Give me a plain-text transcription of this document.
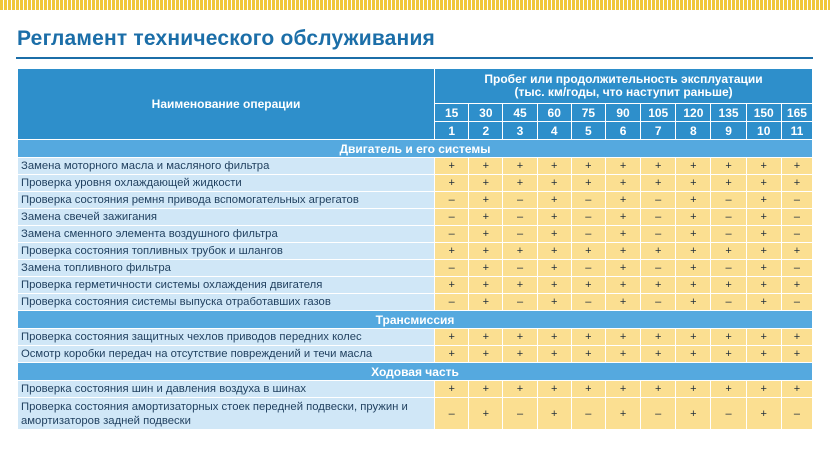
Регламент технического обслуживания
Наименование операции	Пробег или продолжительность эксплуатации
(тыс. км/годы, что наступит раньше)										
	15	30	45	60	75	90	105	120	135	150	165
	1	2	3	4	5	6	7	8	9	10	11
Двигатель и его системы											
Замена моторного масла и масляного фильтра	+	+	+	+	+	+	+	+	+	+	+
Проверка уровня охлаждающей жидкости	+	+	+	+	+	+	+	+	+	+	+
Проверка состояния ремня привода вспомогательных агрегатов	–	+	–	+	–	+	–	+	–	+	–
Замена свечей зажигания	–	+	–	+	–	+	–	+	–	+	–
Замена сменного элемента воздушного фильтра	–	+	–	+	–	+	–	+	–	+	–
Проверка состояния топливных трубок и шлангов	+	+	+	+	+	+	+	+	+	+	+
Замена топливного фильтра	–	+	–	+	–	+	–	+	–	+	–
Проверка герметичности системы охлаждения двигателя	+	+	+	+	+	+	+	+	+	+	+
Проверка состояния системы выпуска отработавших газов	–	+	–	+	–	+	–	+	–	+	–
Трансмиссия											
Проверка состояния защитных чехлов приводов передних колес	+	+	+	+	+	+	+	+	+	+	+
Осмотр коробки передач на отсутствие повреждений и течи масла	+	+	+	+	+	+	+	+	+	+	+
Ходовая часть											
Проверка состояния шин и давления воздуха в шинах	+	+	+	+	+	+	+	+	+	+	+
Проверка состояния амортизаторных стоек передней подвески, пружин и амортизаторов задней подвески	–	+	–	+	–	+	–	+	–	+	–
